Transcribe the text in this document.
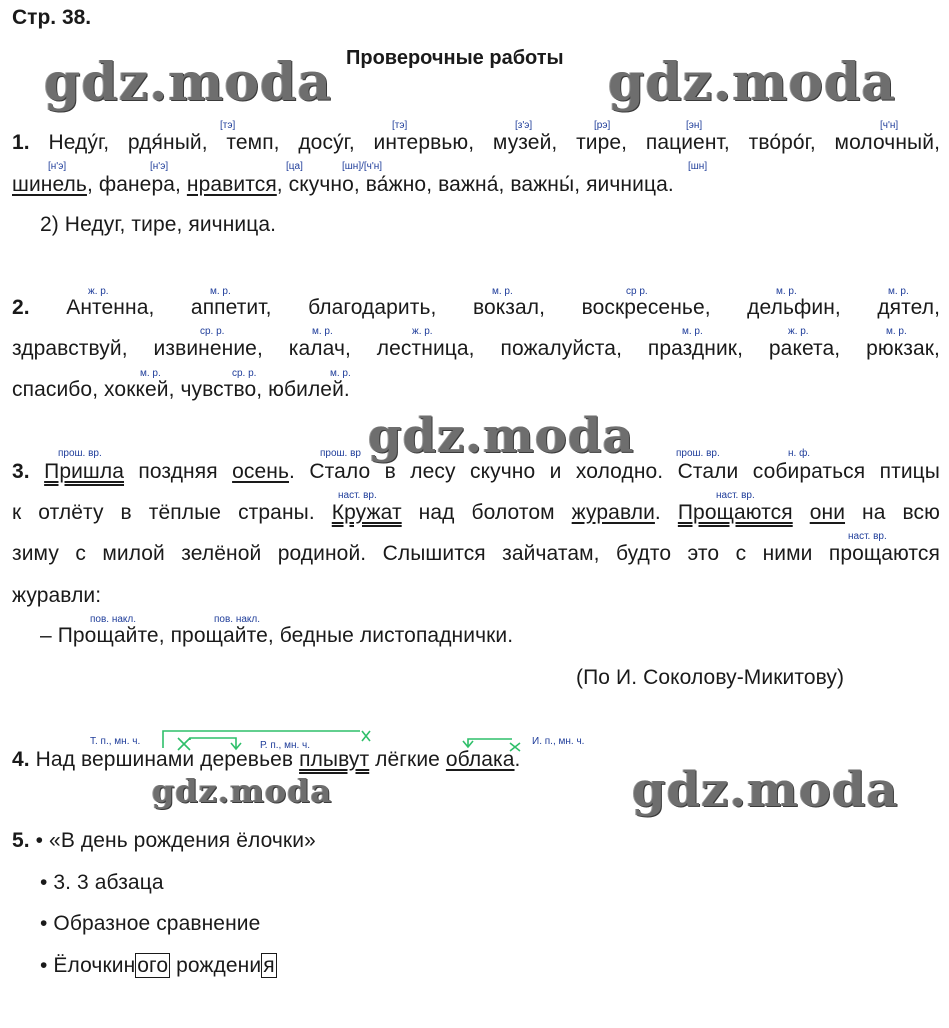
Стр. 38.
Проверочные работы
gdz.moda	gdz.moda
gdz.moda
gdz.moda	gdz.moda
[тэ]	[тэ]	[з'э]	[рэ]	[эн]	[ч'н]
1. Неду́г, рдя́ный, темп, досу́г, интервью, музей, тире, пациент, тво́ро́г, молочный,
[н'э]	[н'э]	[ца]	[шн]/[ч'н]	[шн]
шинель, фанера, нравится, скучно, ва́жно, важна́, важны́, яичница.
2) Недуг, тире, яичница.
ж. р.	м. р.	м. р.	ср р.	м. р.	м. р.
2. Антенна, аппетит, благодарить, вокзал, воскресенье, дельфин, дятел,
ср. р.	м. р.	ж. р.	м. р.	ж. р.	м. р.
здравствуй, извинение, калач, лестница, пожалуйста, праздник, ракета, рюкзак,
м. р.	ср. р.	м. р.
спасибо, хоккей, чувство, юбилей.
прош. вр.	прош. вр	прош. вр.	н. ф.
3. Пришла поздняя осень. Стало в лесу скучно и холодно. Стали собираться птицы
наст. вр.	наст. вр.
к отлёту в тёплые страны. Кружат над болотом журавли. Прощаются они на всю
наст. вр.
зиму с милой зелёной родиной. Слышится зайчатам, будто это с ними прощаются
журавли:
пов. накл.	пов. накл.
– Прощайте, прощайте, бедные листопаднички.
(По И. Соколову-Микитову)
Т. п., мн. ч.	Р. п., мн. ч.	И. п., мн. ч.
4. Над вершинами деревьев плывут лёгкие облака.
5. • «В день рождения ёлочки»
• 3. 3 абзаца
• Образное сравнение
• Ёлочкиного рождения
